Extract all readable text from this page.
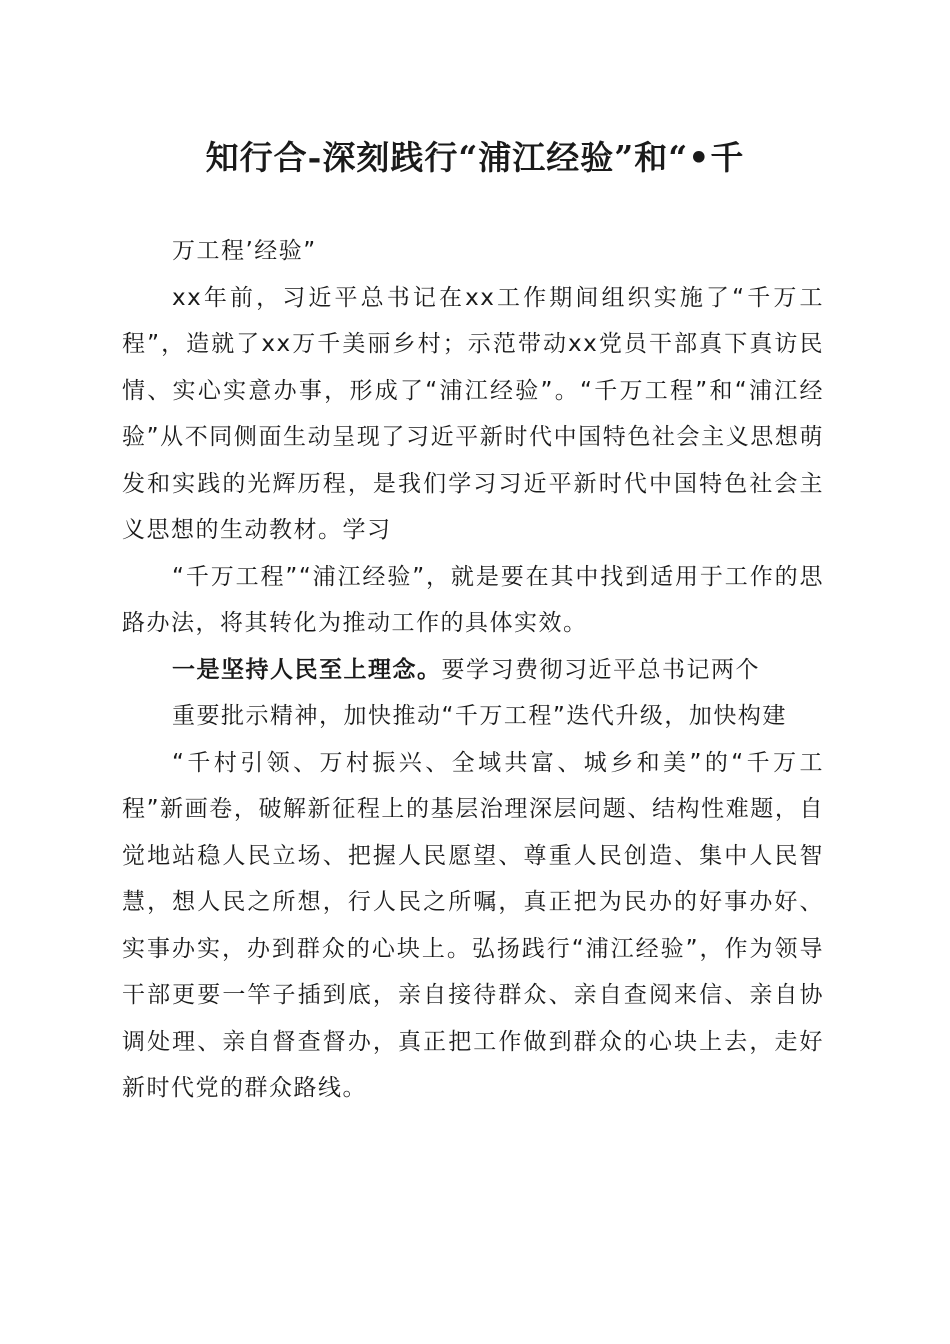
知行合-深刻践行“浦江经验”和“•千

万工程’经验”

xx年前，习近平总书记在xx工作期间组织实施了“千万工程”，造就了xx万千美丽乡村；示范带动xx党员干部真下真访民情、实心实意办事，形成了“浦江经验”。“千万工程”和“浦江经验”从不同侧面生动呈现了习近平新时代中国特色社会主义思想萌发和实践的光辉历程，是我们学习习近平新时代中国特色社会主义思想的生动教材。学习

“千万工程”“浦江经验”，就是要在其中找到适用于工作的思路办法，将其转化为推动工作的具体实效。

一是坚持人民至上理念。要学习费彻习近平总书记两个

重要批示精神，加快推动“千万工程”迭代升级，加快构建

“千村引领、万村振兴、全域共富、城乡和美”的“千万工程”新画卷，破解新征程上的基层治理深层问题、结构性难题，自觉地站稳人民立场、把握人民愿望、尊重人民创造、集中人民智慧，想人民之所想，行人民之所嘱，真正把为民办的好事办好、实事办实，办到群众的心块上。弘扬践行“浦江经验”，作为领导干部更要一竿子插到底，亲自接待群众、亲自查阅来信、亲自协调处理、亲自督查督办，真正把工作做到群众的心块上去，走好新时代党的群众路线。
